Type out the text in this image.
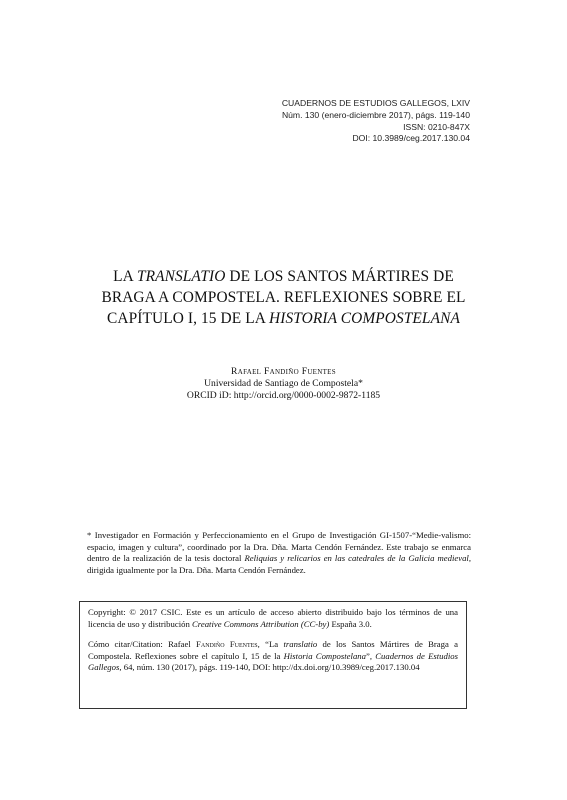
CUADERNOS DE ESTUDIOS GALLEGOS, LXIV
Núm. 130 (enero-diciembre 2017), págs. 119-140
ISSN: 0210-847X
DOI: 10.3989/ceg.2017.130.04
LA TRANSLATIO DE LOS SANTOS MÁRTIRES DE
BRAGA A COMPOSTELA. REFLEXIONES SOBRE EL
CAPÍTULO I, 15 DE LA HISTORIA COMPOSTELANA
Rafael Fandiño Fuentes
Universidad de Santiago de Compostela*
ORCID iD: http://orcid.org/0000-0002-9872-1185
* Investigador en Formación y Perfeccionamiento en el Grupo de Investigación GI-1507-“Medie-valismo: espacio, imagen y cultura”, coordinado por la Dra. Dña. Marta Cendón Fernández. Este trabajo se enmarca dentro de la realización de la tesis doctoral Reliquias y relicarios en las catedrales de la Galicia medieval, dirigida igualmente por la Dra. Dña. Marta Cendón Fernández.

Copyright: © 2017 CSIC. Este es un artículo de acceso abierto distribuido bajo los términos de una licencia de uso y distribución Creative Commons Attribution (CC-by) España 3.0.

Cómo citar/Citation: Rafael Fandiño Fuentes, “La translatio de los Santos Mártires de Braga a Compostela. Reflexiones sobre el capítulo I, 15 de la Historia Compostelana”, Cuadernos de Estudios Gallegos, 64, núm. 130 (2017), págs. 119-140, DOI: http://dx.doi.org/10.3989/ceg.2017.130.04
